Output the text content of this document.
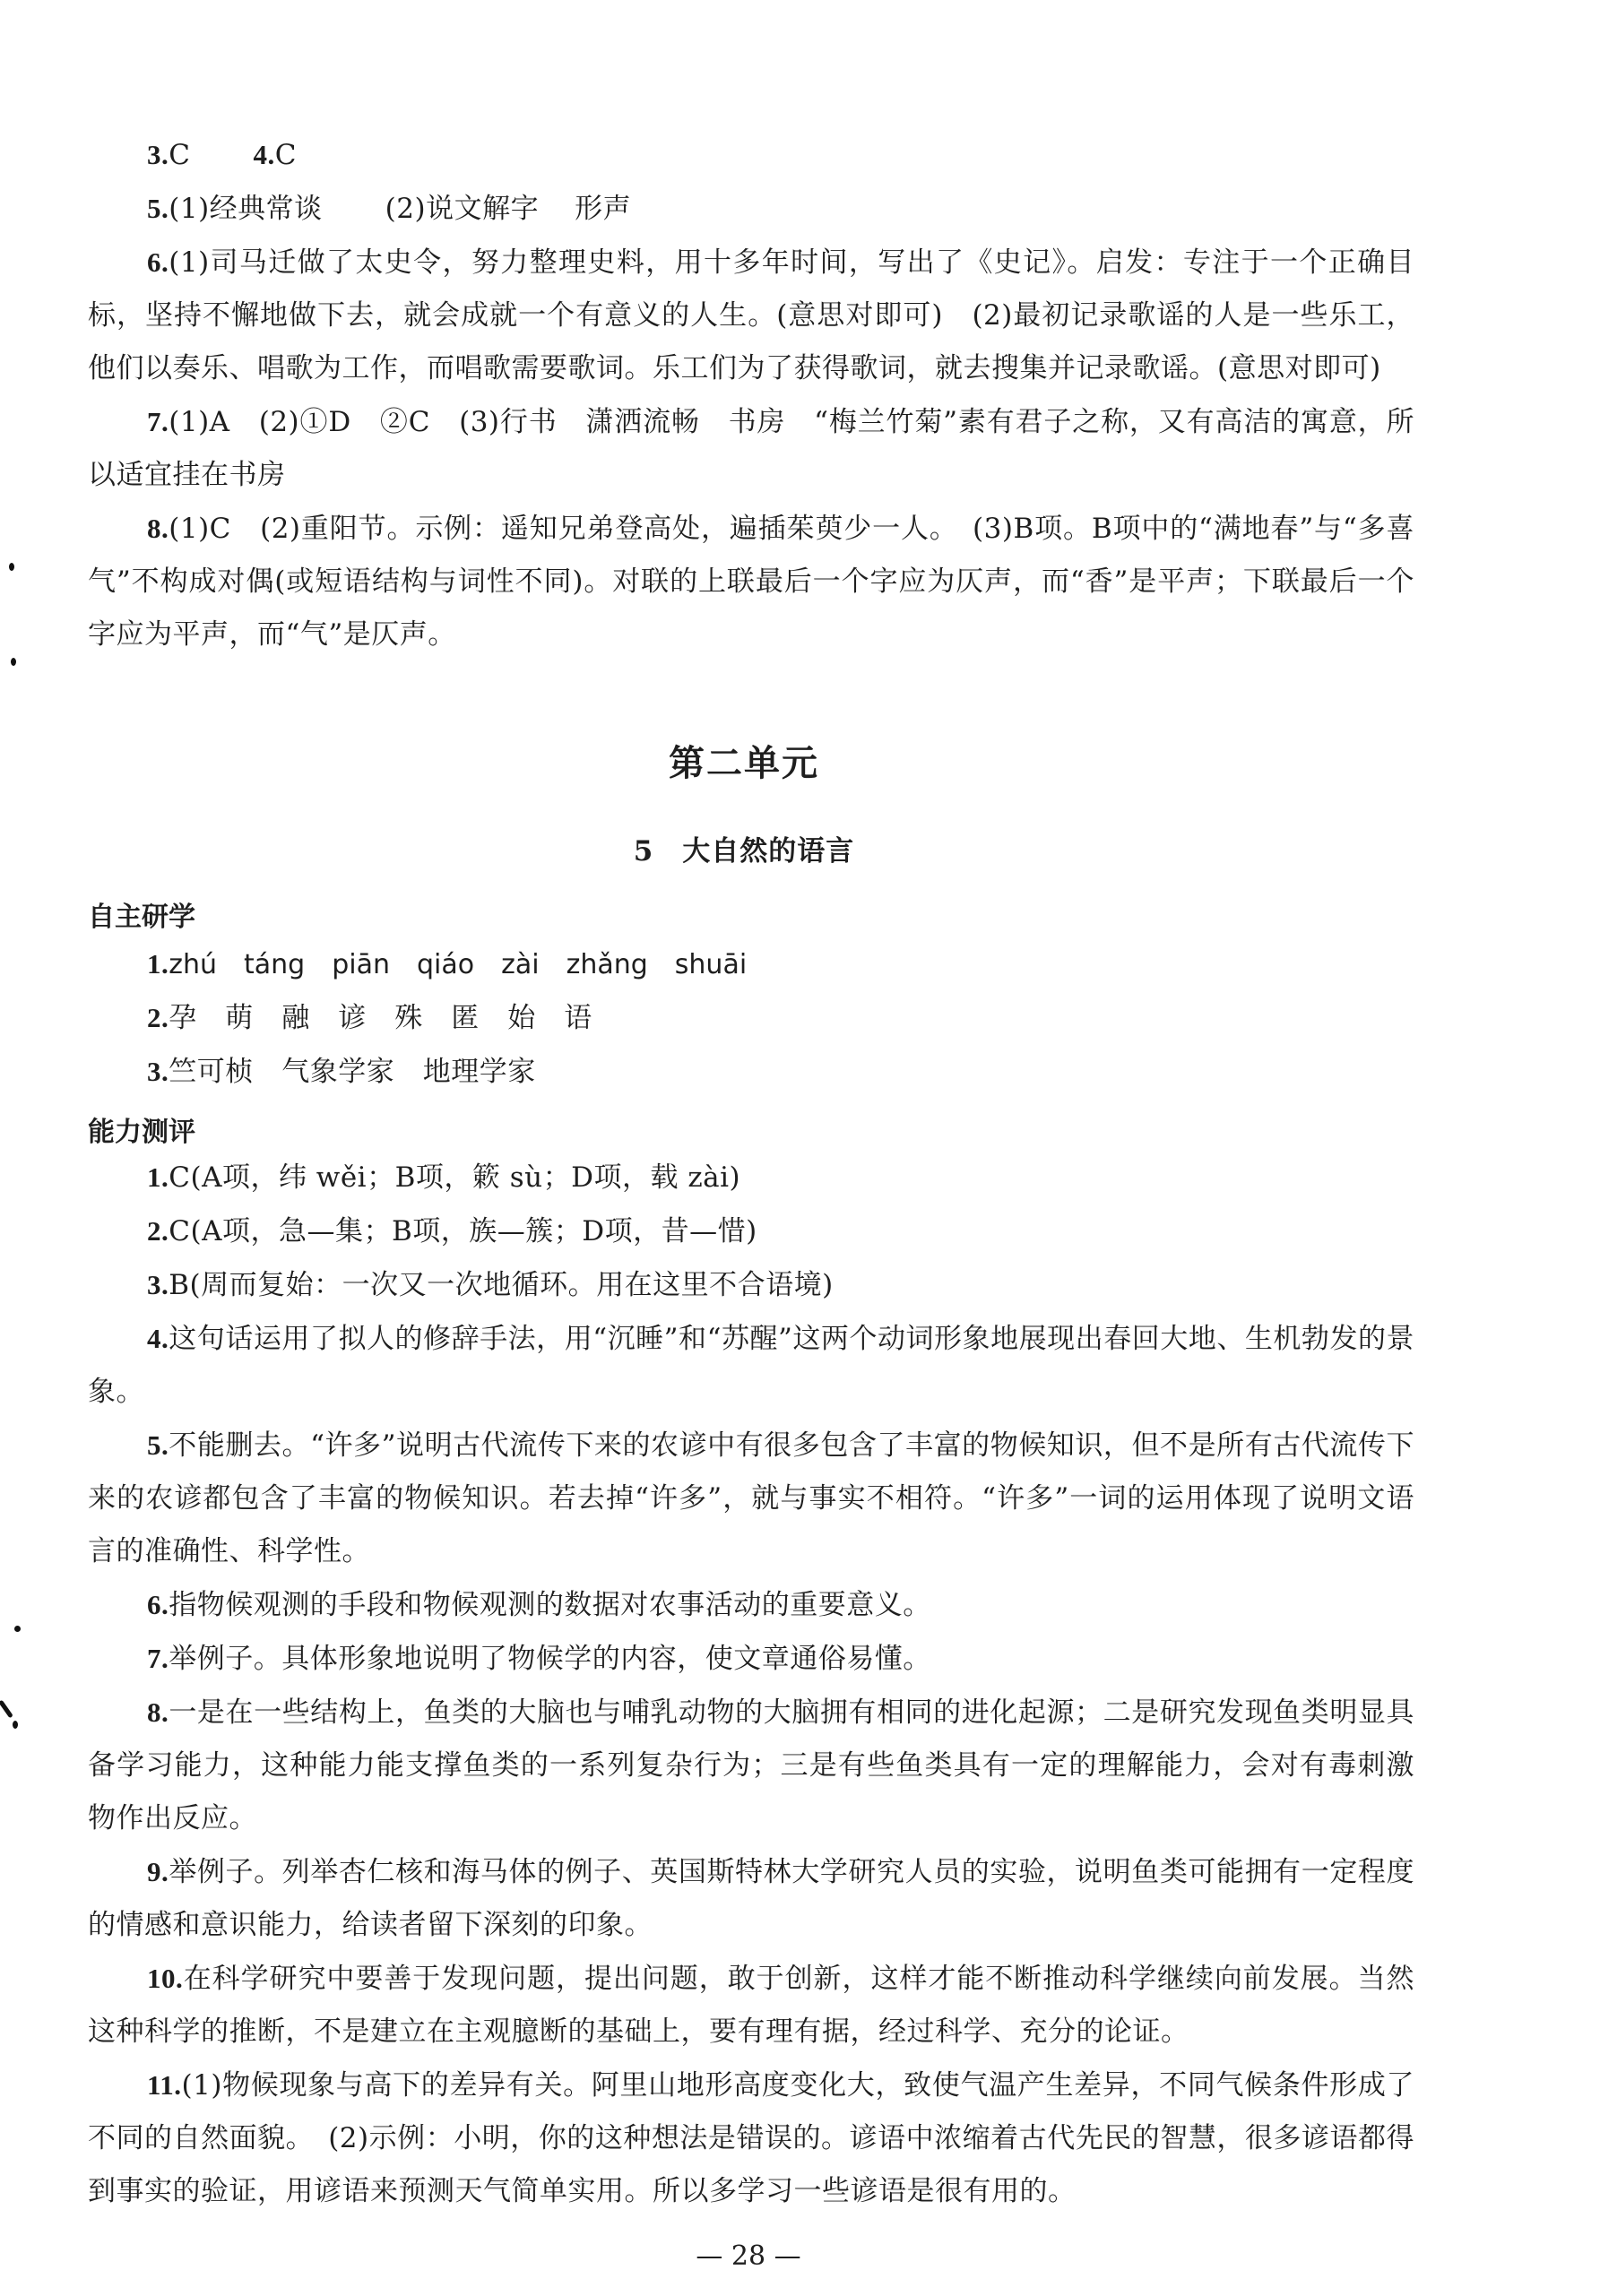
3.C 4.C

5.(1)经典常谈 (2)说文解字 形声

6.(1)司马迁做了太史令，努力整理史料，用十多年时间，写出了《史记》。启发：专注于一个正确目标，坚持不懈地做下去，就会成就一个有意义的人生。(意思对即可)　(2)最初记录歌谣的人是一些乐工，他们以奏乐、唱歌为工作，而唱歌需要歌词。乐工们为了获得歌词，就去搜集并记录歌谣。(意思对即可)

7.(1)A　(2)①D　②C　(3)行书　潇洒流畅　书房　“梅兰竹菊”素有君子之称，又有高洁的寓意，所以适宜挂在书房

8.(1)C　(2)重阳节。示例：遥知兄弟登高处，遍插茱萸少一人。　(3)B项。B项中的“满地春”与“多喜气”不构成对偶(或短语结构与词性不同)。对联的上联最后一个字应为仄声，而“香”是平声；下联最后一个字应为平声，而“气”是仄声。

第二单元
5　大自然的语言
自主研学

1.zhú　táng　piān　qiáo　zài　zhǎng　shuāi

2.孕　萌　融　谚　殊　匿　始　语

3.竺可桢　气象学家　地理学家

能力测评

1.C(A项，纬 wěi；B项，簌 sù；D项，载 zài)

2.C(A项，急—集；B项，族—簇；D项，昔—惜)

3.B(周而复始：一次又一次地循环。用在这里不合语境)

4.这句话运用了拟人的修辞手法，用“沉睡”和“苏醒”这两个动词形象地展现出春回大地、生机勃发的景象。

5.不能删去。“许多”说明古代流传下来的农谚中有很多包含了丰富的物候知识，但不是所有古代流传下来的农谚都包含了丰富的物候知识。若去掉“许多”，就与事实不相符。“许多”一词的运用体现了说明文语言的准确性、科学性。

6.指物候观测的手段和物候观测的数据对农事活动的重要意义。

7.举例子。具体形象地说明了物候学的内容，使文章通俗易懂。

8.一是在一些结构上，鱼类的大脑也与哺乳动物的大脑拥有相同的进化起源；二是研究发现鱼类明显具备学习能力，这种能力能支撑鱼类的一系列复杂行为；三是有些鱼类具有一定的理解能力，会对有毒刺激物作出反应。

9.举例子。列举杏仁核和海马体的例子、英国斯特林大学研究人员的实验，说明鱼类可能拥有一定程度的情感和意识能力，给读者留下深刻的印象。

10.在科学研究中要善于发现问题，提出问题，敢于创新，这样才能不断推动科学继续向前发展。当然这种科学的推断，不是建立在主观臆断的基础上，要有理有据，经过科学、充分的论证。

11.(1)物候现象与高下的差异有关。阿里山地形高度变化大，致使气温产生差异，不同气候条件形成了不同的自然面貌。　(2)示例：小明，你的这种想法是错误的。谚语中浓缩着古代先民的智慧，很多谚语都得到事实的验证，用谚语来预测天气简单实用。所以多学习一些谚语是很有用的。

— 28 —
